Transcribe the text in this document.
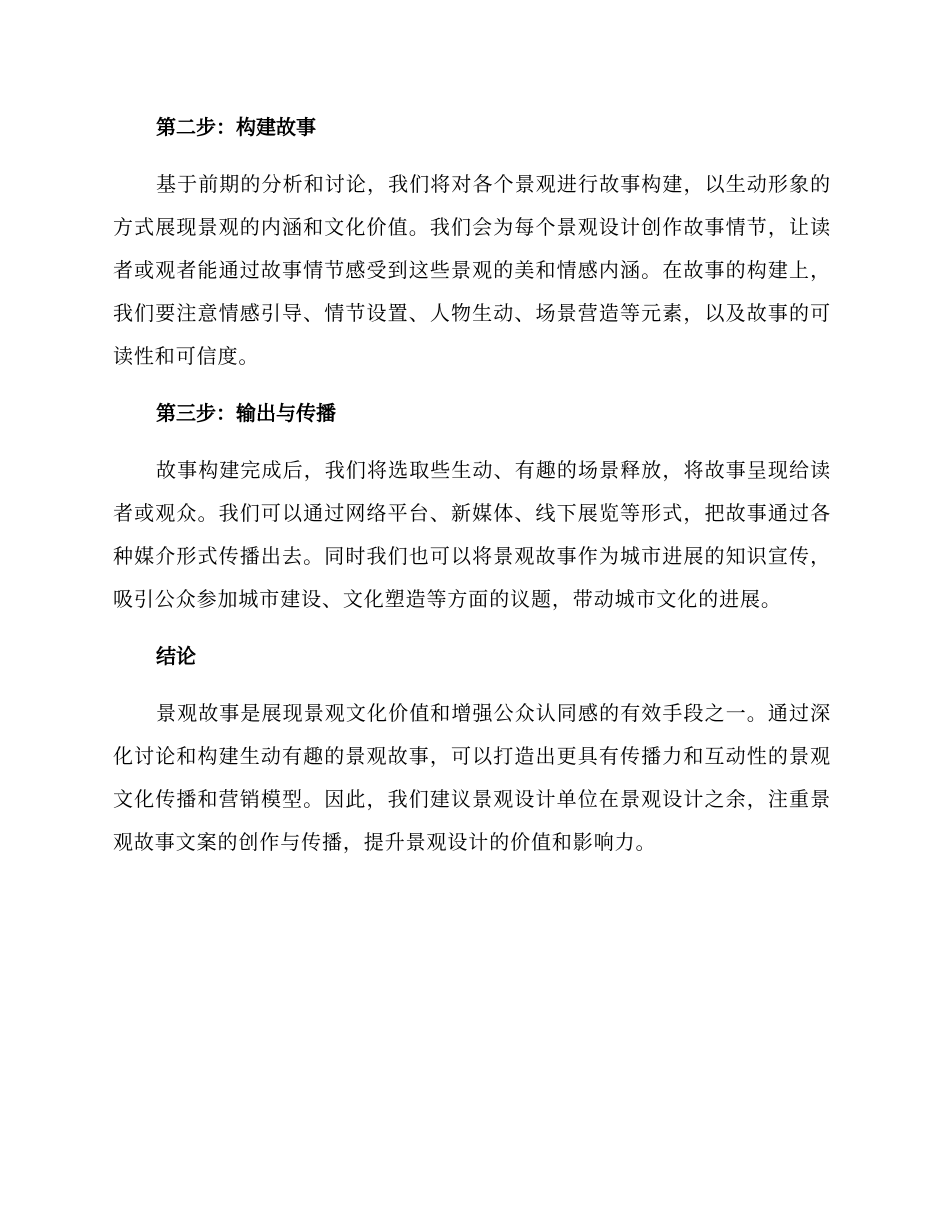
第二步：构建故事

基于前期的分析和讨论，我们将对各个景观进行故事构建，以生动形象的方式展现景观的内涵和文化价值。我们会为每个景观设计创作故事情节，让读者或观者能通过故事情节感受到这些景观的美和情感内涵。在故事的构建上，我们要注意情感引导、情节设置、人物生动、场景营造等元素，以及故事的可读性和可信度。

第三步：输出与传播

故事构建完成后，我们将选取些生动、有趣的场景释放，将故事呈现给读者或观众。我们可以通过网络平台、新媒体、线下展览等形式，把故事通过各种媒介形式传播出去。同时我们也可以将景观故事作为城市进展的知识宣传，吸引公众参加城市建设、文化塑造等方面的议题，带动城市文化的进展。

结论

景观故事是展现景观文化价值和增强公众认同感的有效手段之一。通过深化讨论和构建生动有趣的景观故事，可以打造出更具有传播力和互动性的景观文化传播和营销模型。因此，我们建议景观设计单位在景观设计之余，注重景观故事文案的创作与传播，提升景观设计的价值和影响力。
